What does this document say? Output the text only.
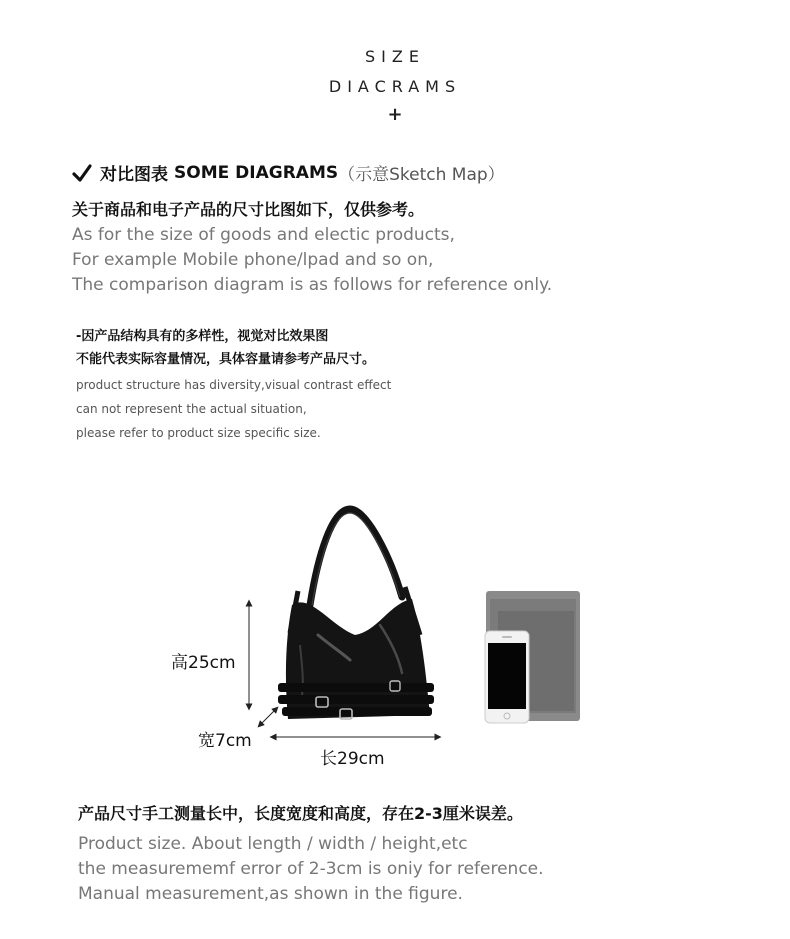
SIZE
DIACRAMS
+
对比图表 SOME DIAGRAMS （示意Sketch Map）
关于商品和电子产品的尺寸比图如下，仅供参考。
As for the size of goods and electic products,
For example Mobile phone/lpad and so on,
The comparison diagram is as follows for reference only.
-因产品结构具有的多样性，视觉对比效果图
不能代表实际容量情况，具体容量请参考产品尺寸。
product structure has diversity,visual contrast effect
can not represent the actual situation,
please refer to product size specific size.
高25cm
宽7cm
长29cm
产品尺寸手工测量长中，长度宽度和高度，存在2-3厘米误差。
Product size. About length / width / height,etc
the measurememf error of 2-3cm is oniy for reference.
Manual measurement,as shown in the figure.
